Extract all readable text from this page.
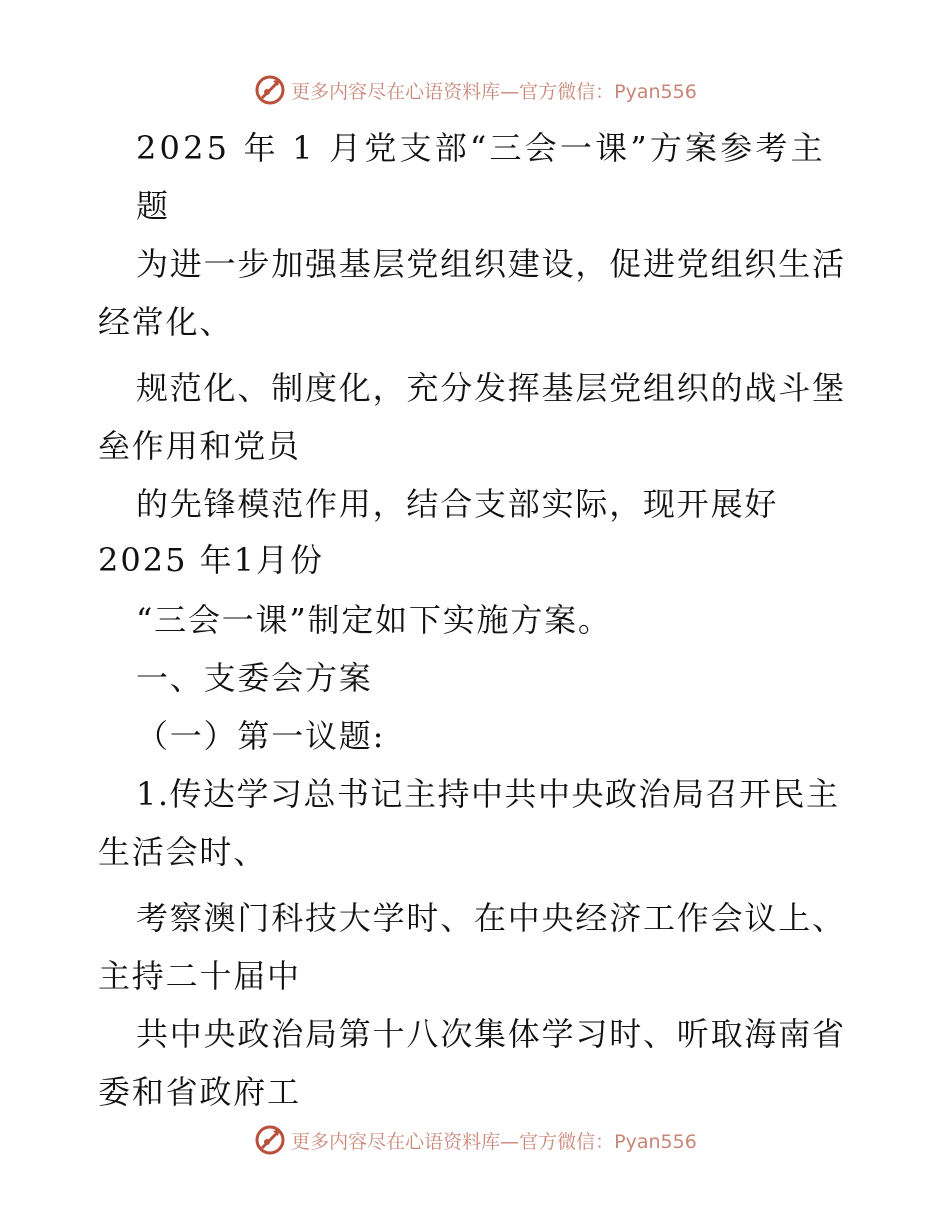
更多内容尽在心语资料库—官方微信：Pyan556
2025 年 1 月党支部“三会一课”方案参考主
题
为进一步加强基层党组织建设，促进党组织生活
经常化、
规范化、制度化，充分发挥基层党组织的战斗堡
垒作用和党员
的先锋模范作用，结合支部实际，现开展好
2025 年1月份
“三会一课”制定如下实施方案。
一、支委会方案
（一）第一议题:
1.传达学习总书记主持中共中央政治局召开民主
生活会时、
考察澳门科技大学时、在中央经济工作会议上、
主持二十届中
共中央政治局第十八次集体学习时、听取海南省
委和省政府工
更多内容尽在心语资料库—官方微信：Pyan556
